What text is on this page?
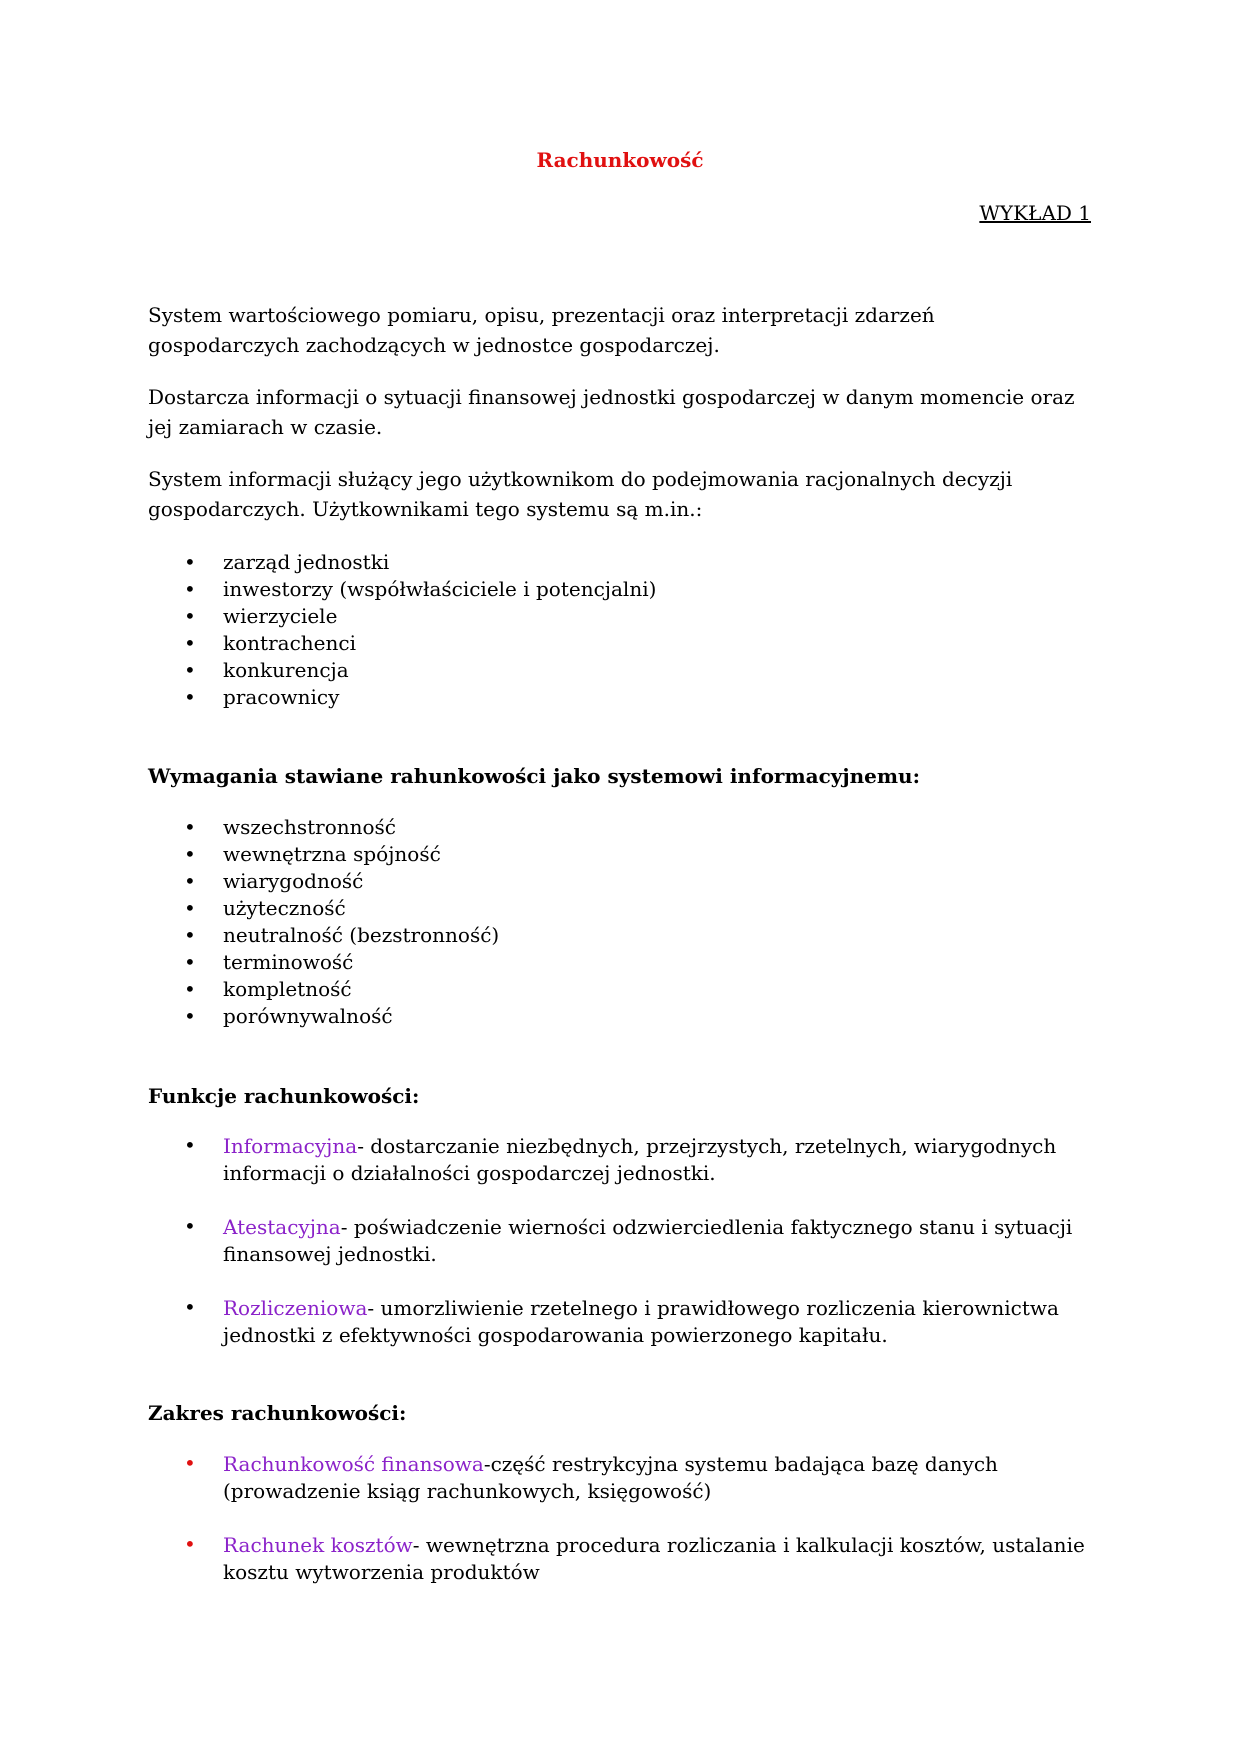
Rachunkowość
WYKŁAD 1
System wartościowego pomiaru, opisu, prezentacji oraz interpretacji zdarzeń gospodarczych zachodzących w jednostce gospodarczej.
Dostarcza informacji o sytuacji finansowej jednostki gospodarczej w danym momencie oraz jej zamiarach w czasie.
System informacji służący jego użytkownikom do podejmowania racjonalnych decyzji gospodarczych. Użytkownikami tego systemu są m.in.:
• zarząd jednostki
• inwestorzy (współwłaściciele i potencjalni)
• wierzyciele
• kontrachenci
• konkurencja
• pracownicy
Wymagania stawiane rahunkowości jako systemowi informacyjnemu:
• wszechstronność
• wewnętrzna spójność
• wiarygodność
• użyteczność
• neutralność (bezstronność)
• terminowość
• kompletność
• porównywalność
Funkcje rachunkowości:
•	Informacyjna- dostarczanie niezbędnych, przejrzystych, rzetelnych, wiarygodnych informacji o działalności gospodarczej jednostki.
•	Atestacyjna- poświadczenie wierności odzwierciedlenia faktycznego stanu i sytuacji finansowej jednostki.
•	Rozliczeniowa- umorzliwienie rzetelnego i prawidłowego rozliczenia kierownictwa jednostki z efektywności gospodarowania powierzonego kapitału.
Zakres rachunkowości:
•	Rachunkowość finansowa-część restrykcyjna systemu badająca bazę danych (prowadzenie ksiąg rachunkowych, księgowość)
•	Rachunek kosztów- wewnętrzna procedura rozliczania i kalkulacji kosztów, ustalanie kosztu wytworzenia produktów
